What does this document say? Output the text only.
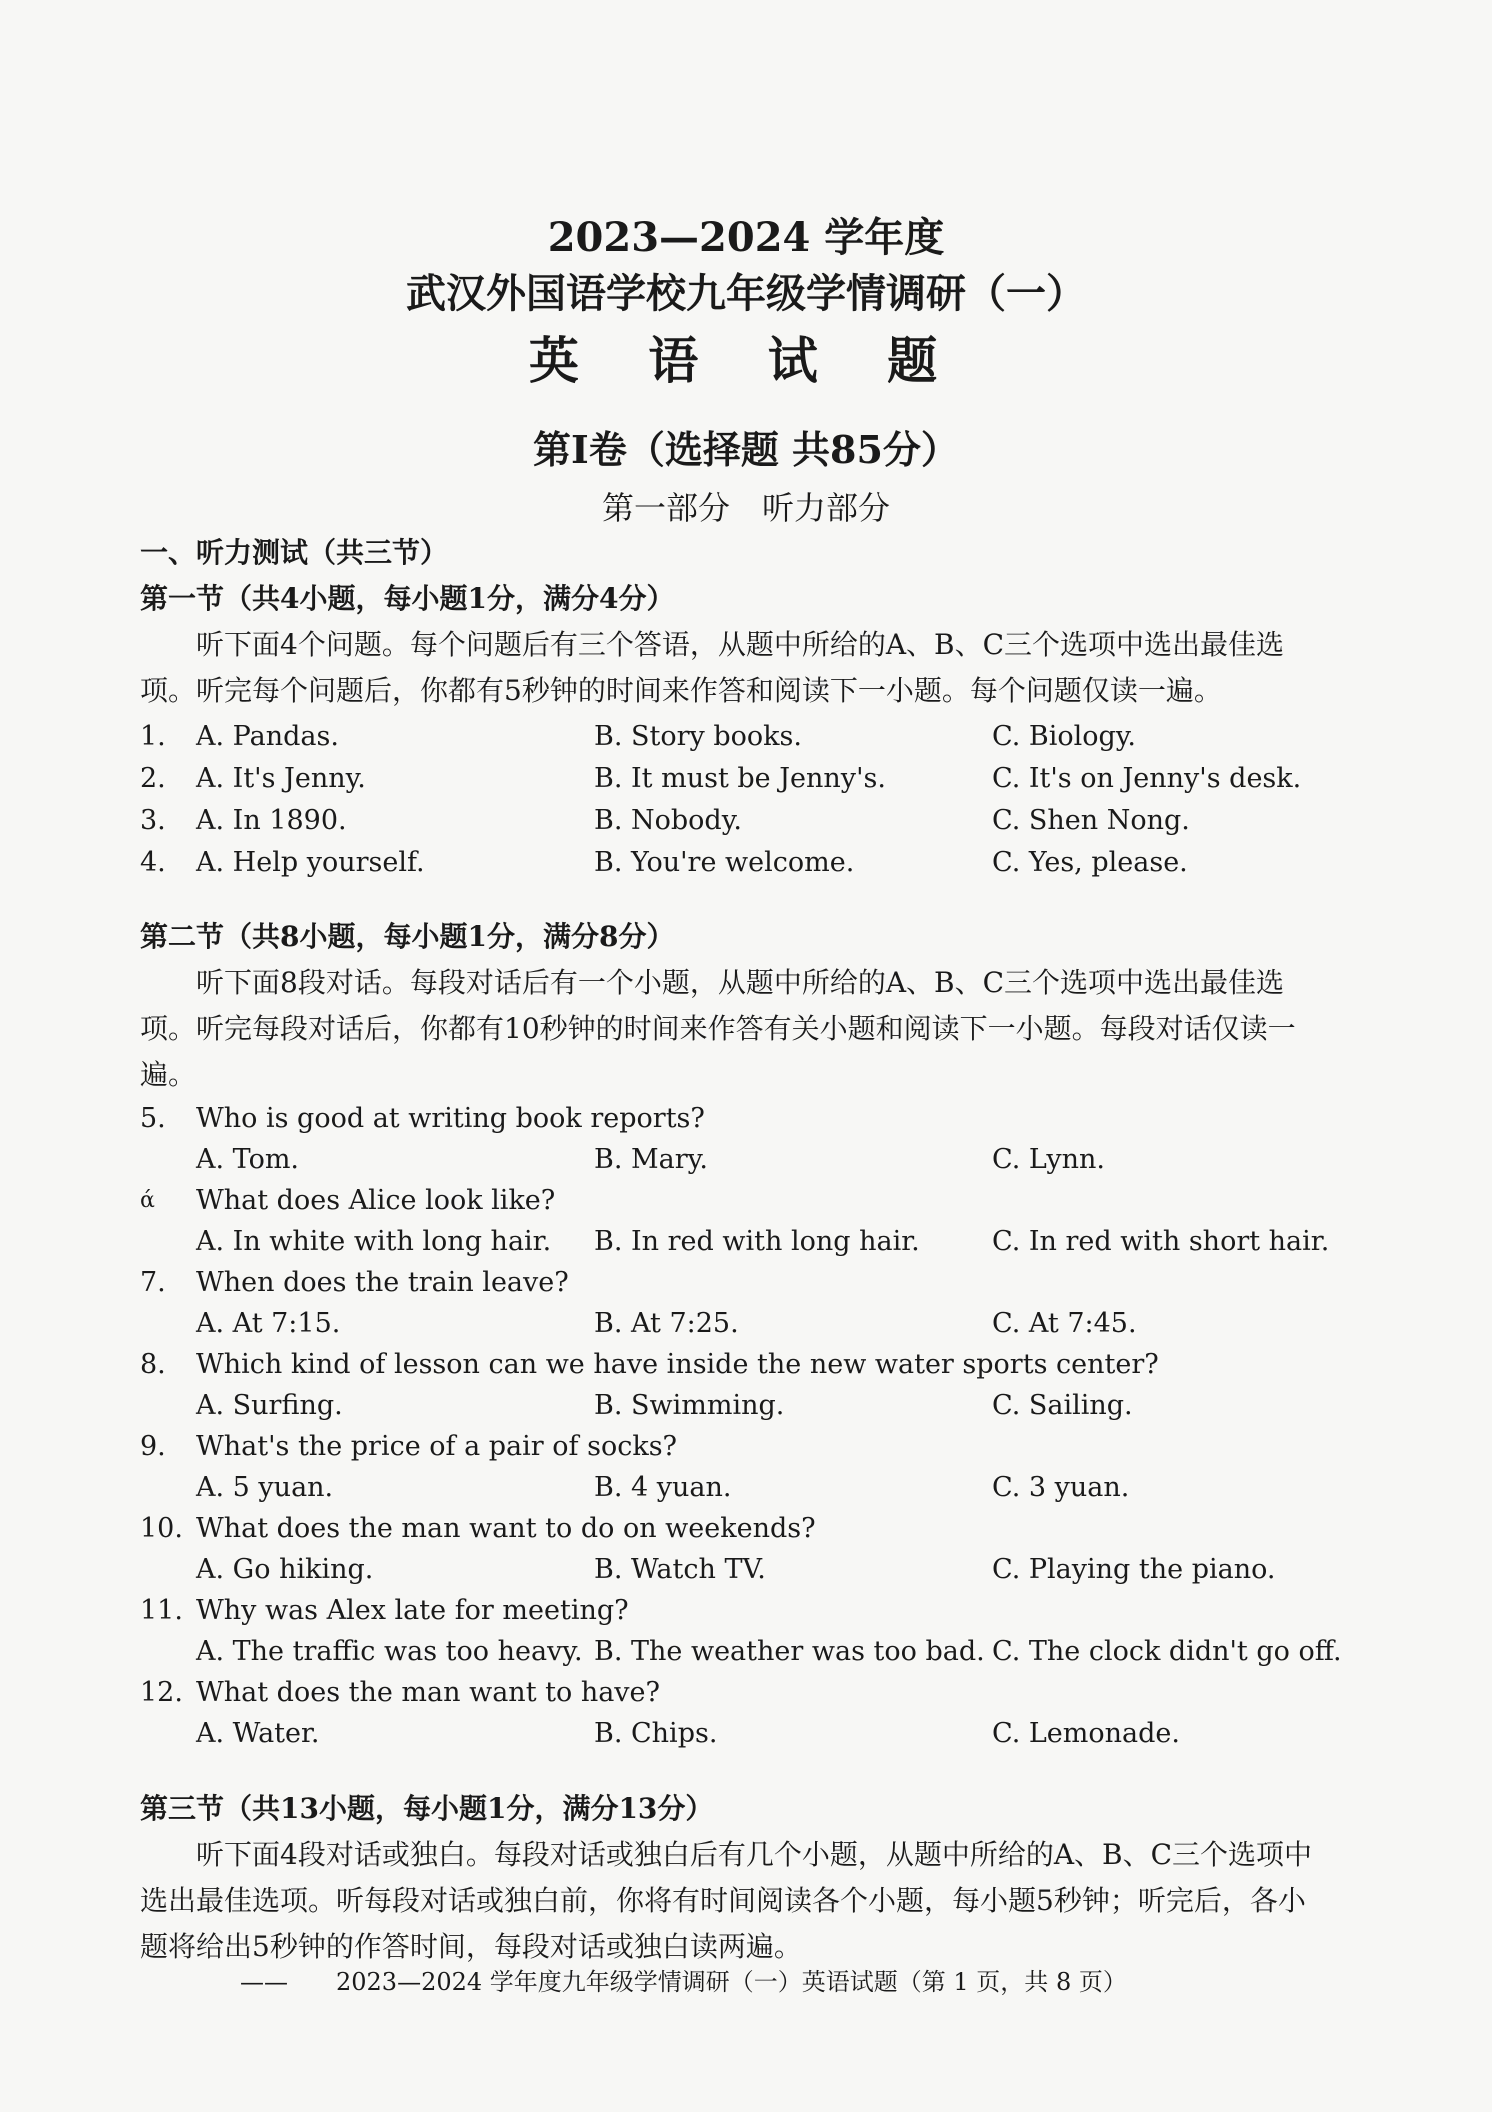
2023—2024 学年度
武汉外国语学校九年级学情调研（一）
英 语 试 题
第I卷（选择题 共85分）
第一部分　听力部分
一、听力测试（共三节）
第一节（共4小题，每小题1分，满分4分）
听下面4个问题。每个问题后有三个答语，从题中所给的A、B、C三个选项中选出最佳选项。听完每个问题后，你都有5秒钟的时间来作答和阅读下一小题。每个问题仅读一遍。
1. A. Pandas.	B. Story books.	C. Biology.
2. A. It's Jenny.	B. It must be Jenny's.	C. It's on Jenny's desk.
3. A. In 1890.	B. Nobody.	C. Shen Nong.
4. A. Help yourself.	B. You're welcome.	C. Yes, please.
第二节（共8小题，每小题1分，满分8分）
听下面8段对话。每段对话后有一个小题，从题中所给的A、B、C三个选项中选出最佳选项。听完每段对话后，你都有10秒钟的时间来作答有关小题和阅读下一小题。每段对话仅读一遍。
5. Who is good at writing book reports?
A. Tom.	B. Mary.	C. Lynn.
ά What does Alice look like?
A. In white with long hair. B. In red with long hair.	C. In red with short hair.
7. When does the train leave?
A. At 7:15.	B. At 7:25.	C. At 7:45.
8. Which kind of lesson can we have inside the new water sports center?
A. Surfing.	B. Swimming.	C. Sailing.
9. What's the price of a pair of socks?
A. 5 yuan.	B. 4 yuan.	C. 3 yuan.
10. What does the man want to do on weekends?
A. Go hiking.	B. Watch TV.	C. Playing the piano.
11. Why was Alex late for meeting?
A. The traffic was too heavy. B. The weather was too bad. C. The clock didn't go off.
12. What does the man want to have?
A. Water.	B. Chips.	C. Lemonade.
第三节（共13小题，每小题1分，满分13分）
听下面4段对话或独白。每段对话或独白后有几个小题，从题中所给的A、B、C三个选项中选出最佳选项。听每段对话或独白前，你将有时间阅读各个小题，每小题5秒钟；听完后，各小题将给出5秒钟的作答时间，每段对话或独白读两遍。
——　　2023—2024 学年度九年级学情调研（一）英语试题（第 1 页，共 8 页）
